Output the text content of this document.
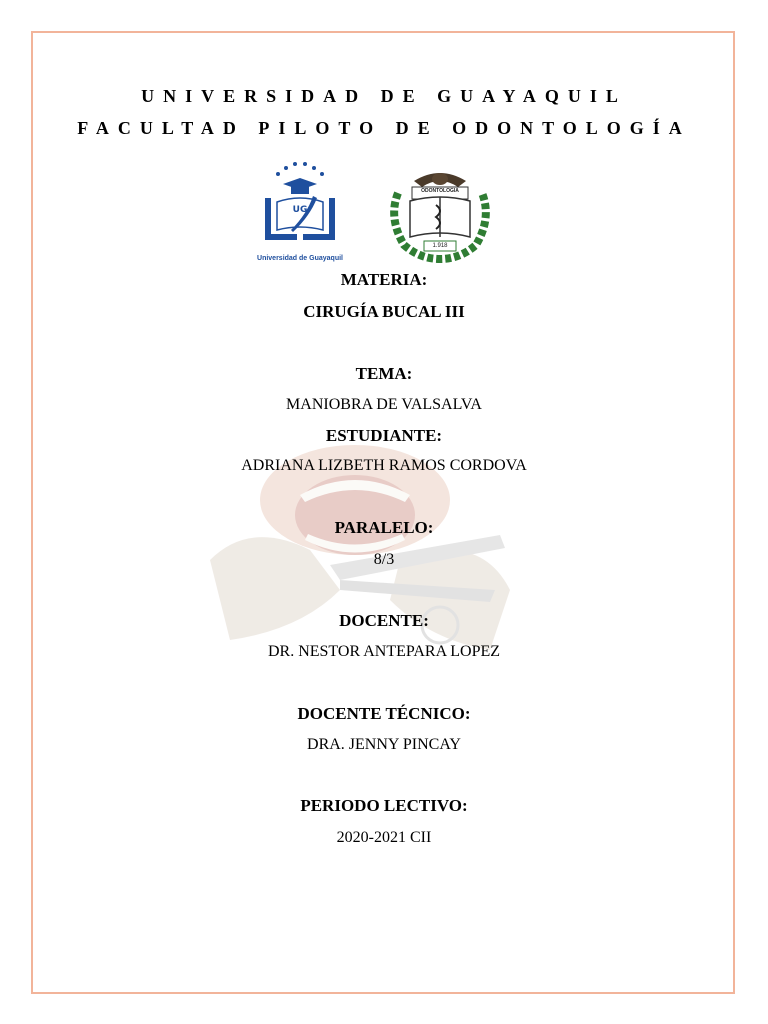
UNIVERSIDAD DE GUAYAQUIL
FACULTAD PILOTO DE ODONTOLOGÍA
UG
Universidad de Guayaquil
ODONTOLOGIA
1.918
MATERIA:
CIRUGÍA BUCAL III
TEMA:
MANIOBRA DE VALSALVA
ESTUDIANTE:
ADRIANA LIZBETH RAMOS CORDOVA
PARALELO:
8/3
DOCENTE:
DR. NESTOR ANTEPARA LOPEZ
DOCENTE TÉCNICO:
DRA. JENNY PINCAY
PERIODO LECTIVO:
2020-2021 CII
